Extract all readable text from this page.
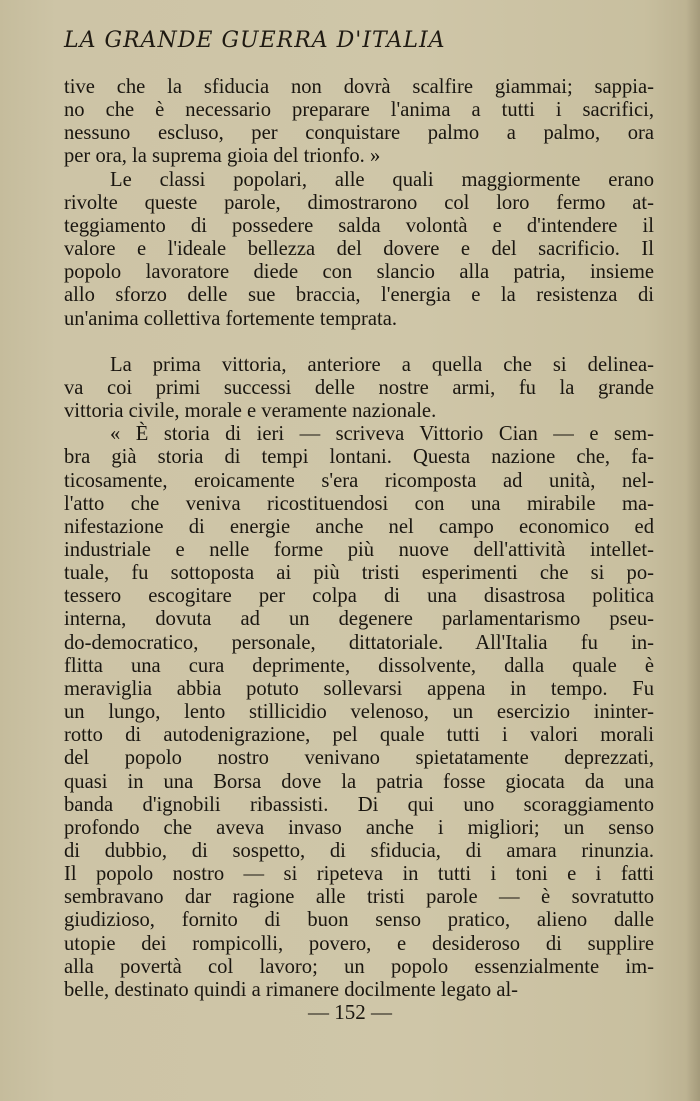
LA GRANDE GUERRA D'ITALIA

tive che la sfiducia non dovrà scalfire giammai; sappia-

no che è necessario preparare l'anima a tutti i sacrifici,

nessuno escluso, per conquistare palmo a palmo, ora

per ora, la suprema gioia del trionfo. »

Le classi popolari, alle quali maggiormente erano

rivolte queste parole, dimostrarono col loro fermo at-

teggiamento di possedere salda volontà e d'intendere il

valore e l'ideale bellezza del dovere e del sacrificio. Il

popolo lavoratore diede con slancio alla patria, insieme

allo sforzo delle sue braccia, l'energia e la resistenza di

un'anima collettiva fortemente temprata.

La prima vittoria, anteriore a quella che si delinea-

va coi primi successi delle nostre armi, fu la grande

vittoria civile, morale e veramente nazionale.

« È storia di ieri — scriveva Vittorio Cian — e sem-

bra già storia di tempi lontani. Questa nazione che, fa-

ticosamente, eroicamente s'era ricomposta ad unità, nel-

l'atto che veniva ricostituendosi con una mirabile ma-

nifestazione di energie anche nel campo economico ed

industriale e nelle forme più nuove dell'attività intellet-

tuale, fu sottoposta ai più tristi esperimenti che si po-

tessero escogitare per colpa di una disastrosa politica

interna, dovuta ad un degenere parlamentarismo pseu-

do-democratico, personale, dittatoriale. All'Italia fu in-

flitta una cura deprimente, dissolvente, dalla quale è

meraviglia abbia potuto sollevarsi appena in tempo. Fu

un lungo, lento stillicidio velenoso, un esercizio ininter-

rotto di autodenigrazione, pel quale tutti i valori morali

del popolo nostro venivano spietatamente deprezzati,

quasi in una Borsa dove la patria fosse giocata da una

banda d'ignobili ribassisti. Di qui uno scoraggiamento

profondo che aveva invaso anche i migliori; un senso

di dubbio, di sospetto, di sfiducia, di amara rinunzia.

Il popolo nostro — si ripeteva in tutti i toni e i fatti

sembravano dar ragione alle tristi parole — è sovratutto

giudizioso, fornito di buon senso pratico, alieno dalle

utopie dei rompicolli, povero, e desideroso di supplire

alla povertà col lavoro; un popolo essenzialmente im-

belle, destinato quindi a rimanere docilmente legato al-

— 152 —
